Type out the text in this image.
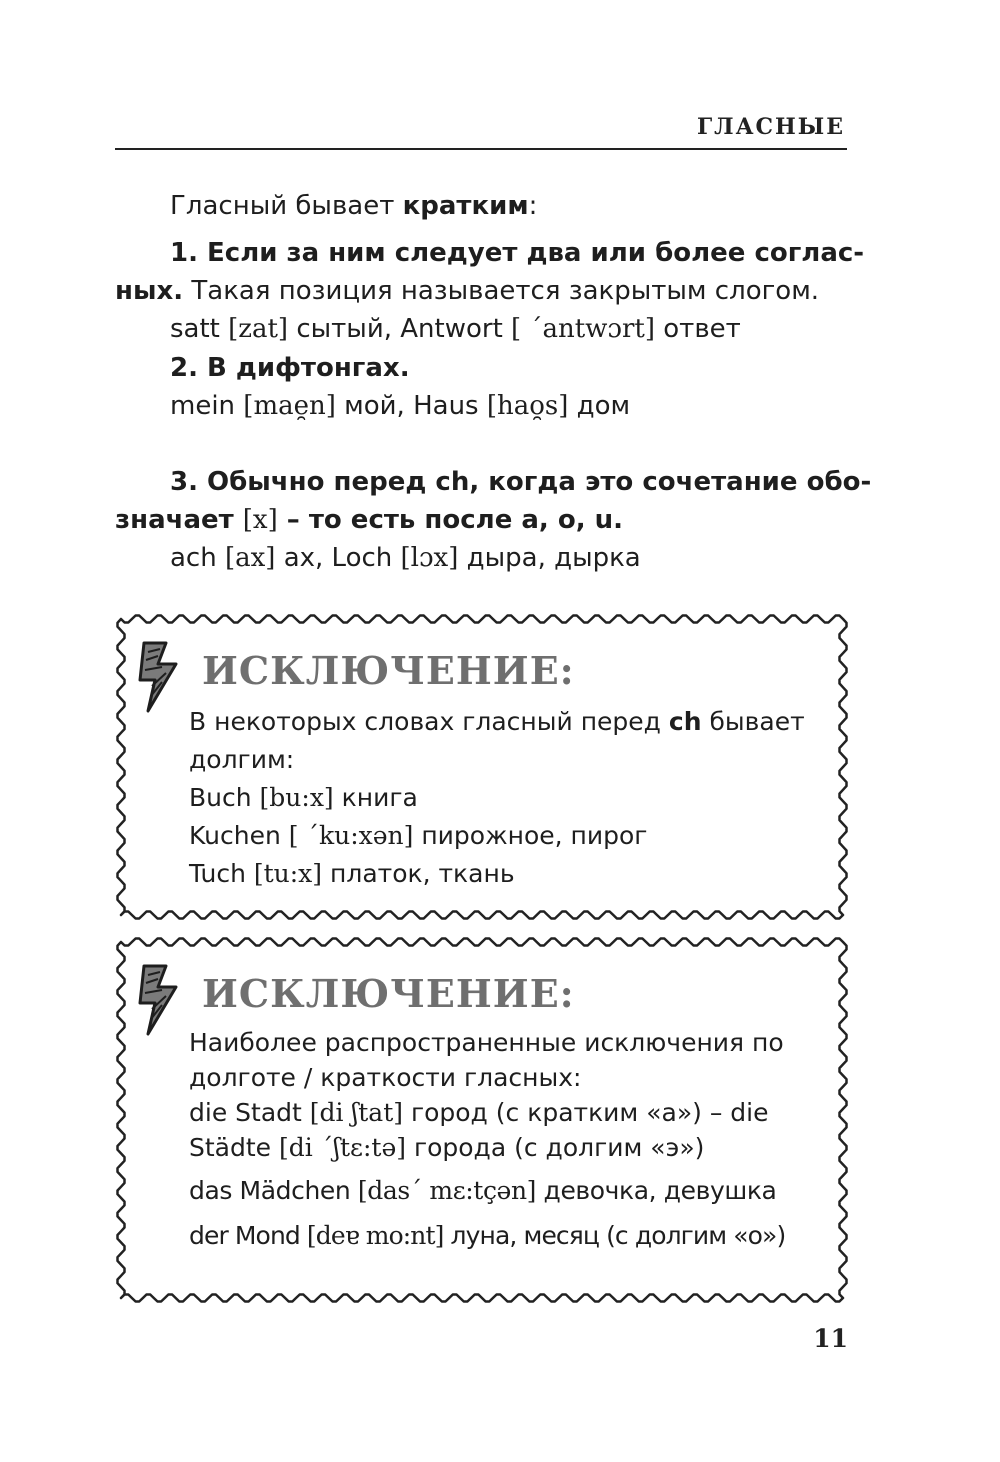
ГЛАСНЫЕ
Гласный бывает кратким:
1. Если за ним следует два или более соглас-
ных. Такая позиция называется закрытым слогом.
satt [zat] сытый, Antwort [ ´antwɔrt] ответ
2. В дифтонгах.
mein [mae̯n] мой, Haus [hao̯s] дом
3. Обычно перед ch, когда это сочетание обо-
значает [x] – то есть после a, o, u.
ach [ax] ах, Loch [lɔx] дыра, дырка
ИСКЛЮЧЕНИЕ:
В некоторых словах гласный перед ch бывает
долгим:
Buch [bu:x] книга
Kuchen [ ´ku:xən] пирожное, пирог
Tuch [tu:x] платок, ткань
ИСКЛЮЧЕНИЕ:
Наиболее распространенные исключения по
долготе / краткости гласных:
die Stadt [di ʃtat] город (с кратким «а») – die
Städte [di ´ʃtɛ:tə] города (с долгим «э»)
das Mädchen [das´ mɛ:tçən] девочка, девушка
der Mond [deɐ mo:nt] луна, месяц (с долгим «о»)
11
